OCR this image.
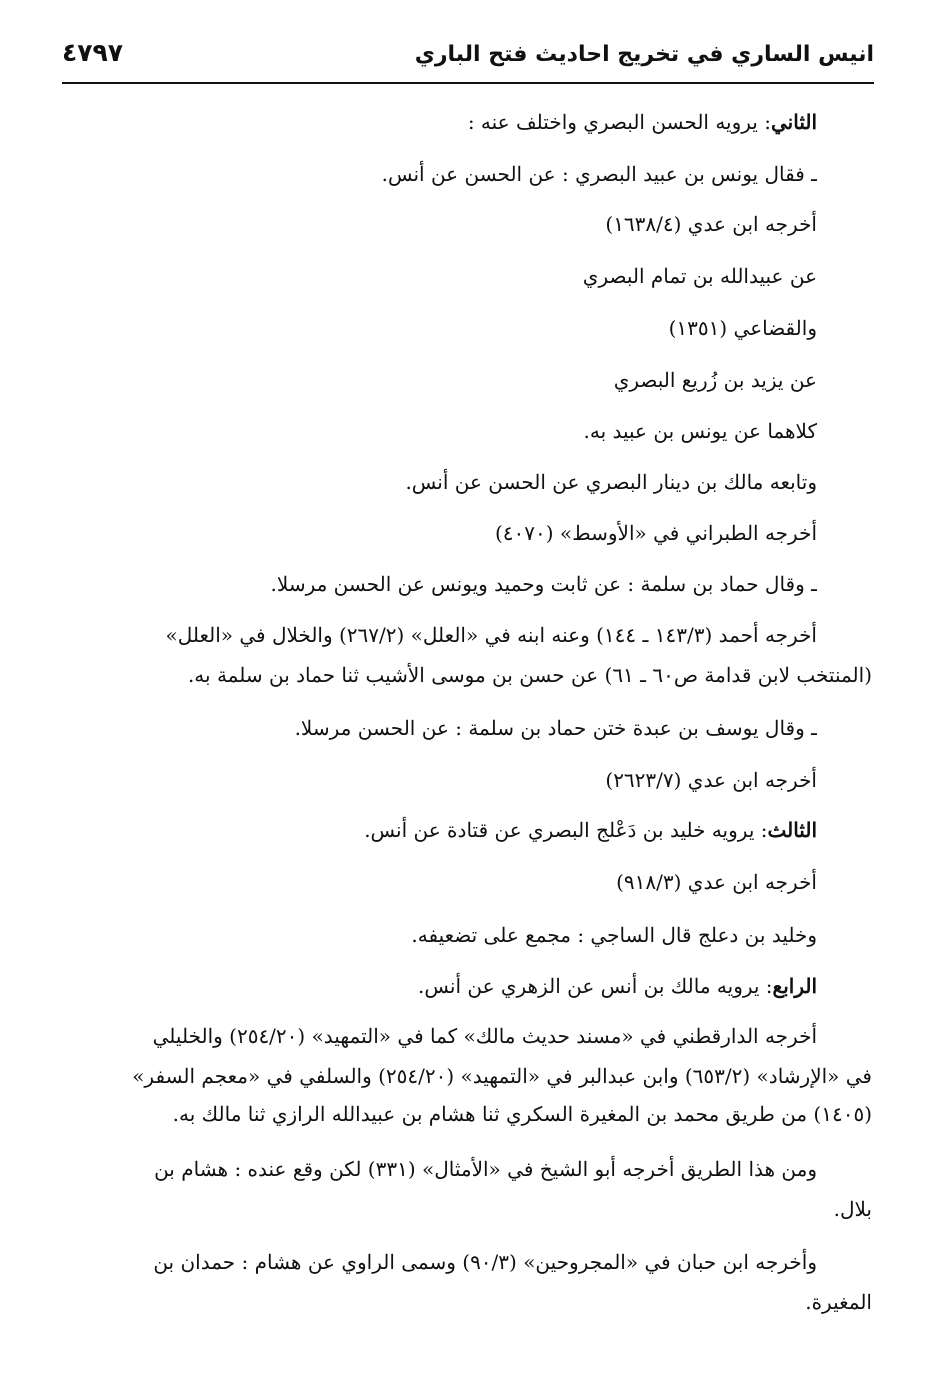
انيس الساري في تخريج احاديث فتح الباري
٤٧٩٧
الثاني: يرويه الحسن البصري واختلف عنه :
ـ فقال يونس بن عبيد البصري : عن الحسن عن أنس.
أخرجه ابن عدي (١٦٣٨/٤)
عن عبيدالله بن تمام البصري
والقضاعي (١٣٥١)
عن يزيد بن زُريع البصري
كلاهما عن يونس بن عبيد به.
وتابعه مالك بن دينار البصري عن الحسن عن أنس.
أخرجه الطبراني في «الأوسط» (٤٠٧٠)
ـ وقال حماد بن سلمة : عن ثابت وحميد ويونس عن الحسن مرسلا.
أخرجه أحمد (١٤٣/٣ ـ ١٤٤) وعنه ابنه في «العلل» (٢٦٧/٢) والخلال في «العلل»
(المنتخب لابن قدامة ص٦٠ ـ ٦١) عن حسن بن موسى الأشيب ثنا حماد بن سلمة به.
ـ وقال يوسف بن عبدة ختن حماد بن سلمة : عن الحسن مرسلا.
أخرجه ابن عدي (٢٦٢٣/٧)
الثالث: يرويه خليد بن دَعْلج البصري عن قتادة عن أنس.
أخرجه ابن عدي (٩١٨/٣)
وخليد بن دعلج قال الساجي : مجمع على تضعيفه.
الرابع: يرويه مالك بن أنس عن الزهري عن أنس.
أخرجه الدارقطني في «مسند حديث مالك» كما في «التمهيد» (٢٥٤/٢٠) والخليلي
في «الإرشاد» (٦٥٣/٢) وابن عبدالبر في «التمهيد» (٢٥٤/٢٠) والسلفي في «معجم السفر»
(١٤٠٥) من طريق محمد بن المغيرة السكري ثنا هشام بن عبيدالله الرازي ثنا مالك به.
ومن هذا الطريق أخرجه أبو الشيخ في «الأمثال» (٣٣١) لكن وقع عنده : هشام بن
بلال.
وأخرجه ابن حبان في «المجروحين» (٩٠/٣) وسمى الراوي عن هشام : حمدان بن
المغيرة.
